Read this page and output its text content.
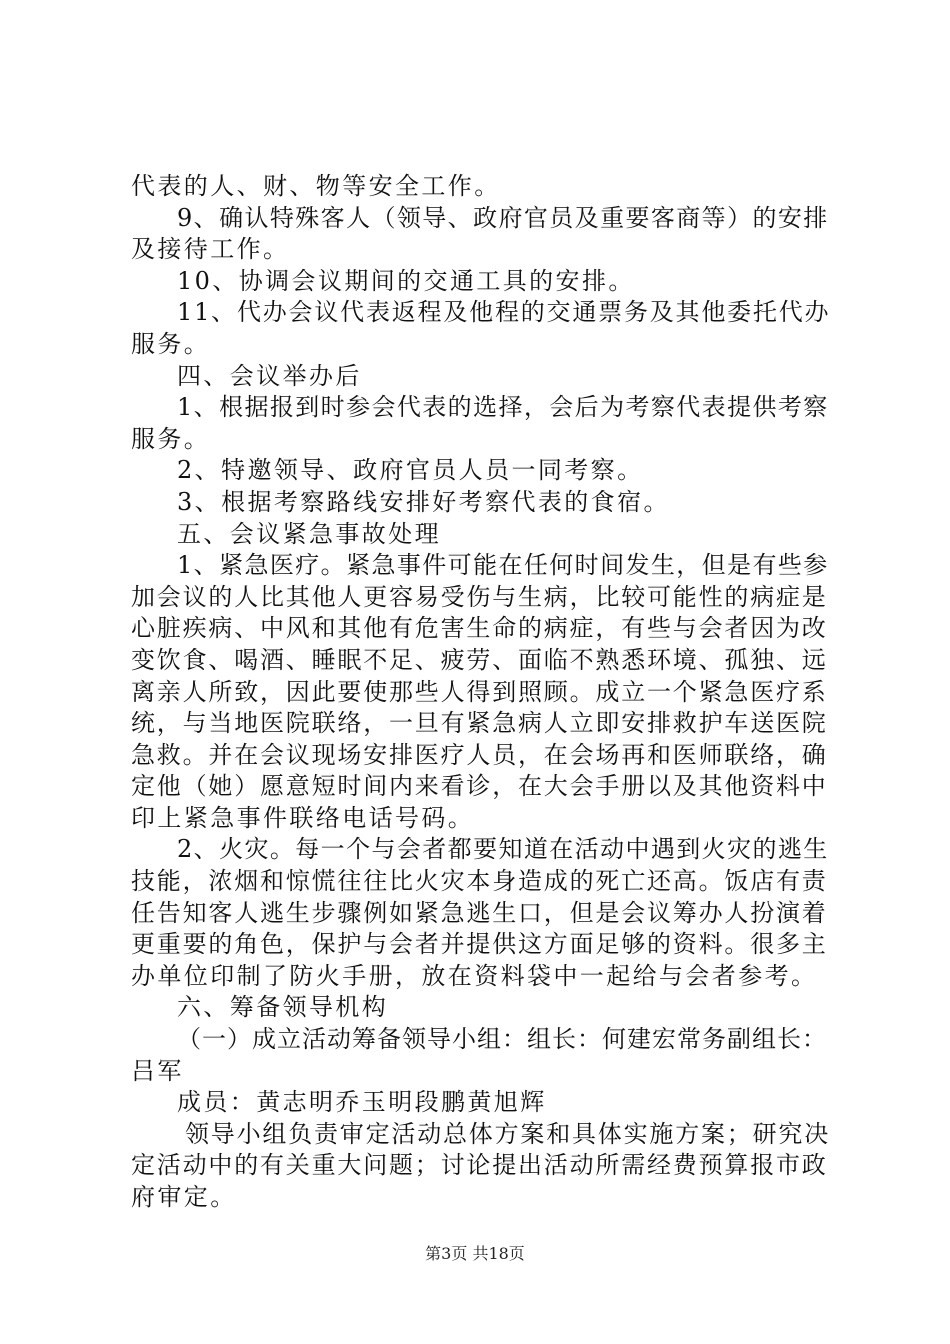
代表的人、财、物等安全工作。
9、确认特殊客人（领导、政府官员及重要客商等）的安排
及接待工作。
10、协调会议期间的交通工具的安排。
11、代办会议代表返程及他程的交通票务及其他委托代办
服务。
四、会议举办后
1、根据报到时参会代表的选择，会后为考察代表提供考察
服务。
2、特邀领导、政府官员人员一同考察。
3、根据考察路线安排好考察代表的食宿。
五、会议紧急事故处理
1、紧急医疗。紧急事件可能在任何时间发生，但是有些参
加会议的人比其他人更容易受伤与生病，比较可能性的病症是
心脏疾病、中风和其他有危害生命的病症，有些与会者因为改
变饮食、喝酒、睡眠不足、疲劳、面临不熟悉环境、孤独、远
离亲人所致，因此要使那些人得到照顾。成立一个紧急医疗系
统，与当地医院联络，一旦有紧急病人立即安排救护车送医院
急救。并在会议现场安排医疗人员，在会场再和医师联络，确
定他（她）愿意短时间内来看诊，在大会手册以及其他资料中
印上紧急事件联络电话号码。
2、火灾。每一个与会者都要知道在活动中遇到火灾的逃生
技能，浓烟和惊慌往往比火灾本身造成的死亡还高。饭店有责
任告知客人逃生步骤例如紧急逃生口，但是会议筹办人扮演着
更重要的角色，保护与会者并提供这方面足够的资料。很多主
办单位印制了防火手册，放在资料袋中一起给与会者参考。
六、筹备领导机构
（一）成立活动筹备领导小组：组长：何建宏常务副组长：
吕军
成员：黄志明乔玉明段鹏黄旭辉
领导小组负责审定活动总体方案和具体实施方案；研究决
定活动中的有关重大问题；讨论提出活动所需经费预算报市政
府审定。
第3页 共18页
